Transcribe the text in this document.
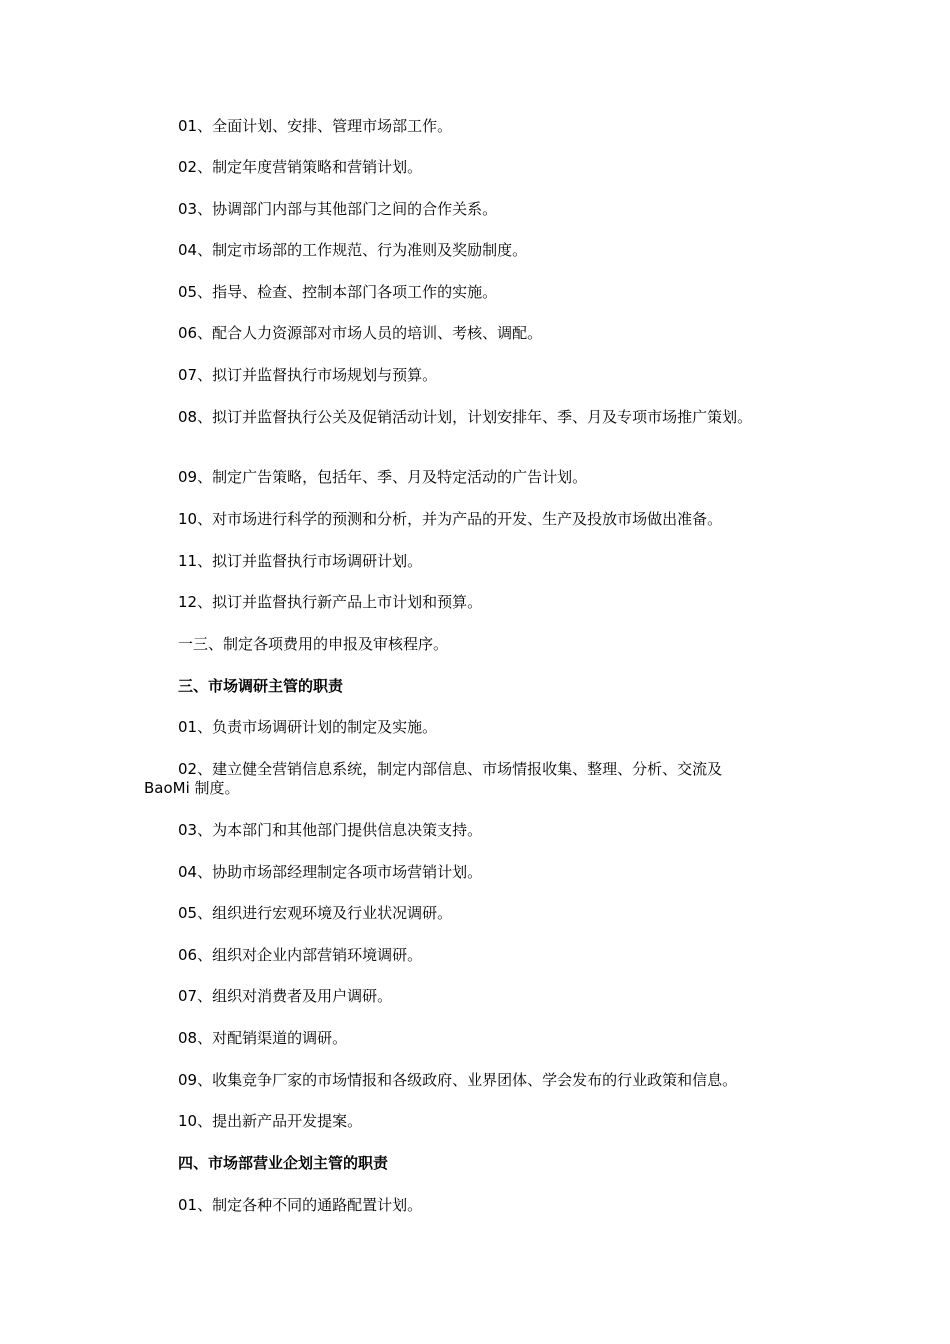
01、全面计划、安排、管理市场部工作。
02、制定年度营销策略和营销计划。
03、协调部门内部与其他部门之间的合作关系。
04、制定市场部的工作规范、行为准则及奖励制度。
05、指导、检查、控制本部门各项工作的实施。
06、配合人力资源部对市场人员的培训、考核、调配。
07、拟订并监督执行市场规划与预算。
08、拟订并监督执行公关及促销活动计划，计划安排年、季、月及专项市场推广策划。
09、制定广告策略，包括年、季、月及特定活动的广告计划。
10、对市场进行科学的预测和分析，并为产品的开发、生产及投放市场做出准备。
11、拟订并监督执行市场调研计划。
12、拟订并监督执行新产品上市计划和预算。
一三、制定各项费用的申报及审核程序。
三、市场调研主管的职责
01、负责市场调研计划的制定及实施。
02、建立健全营销信息系统，制定内部信息、市场情报收集、整理、分析、交流及
BaoMi 制度。
03、为本部门和其他部门提供信息决策支持。
04、协助市场部经理制定各项市场营销计划。
05、组织进行宏观环境及行业状况调研。
06、组织对企业内部营销环境调研。
07、组织对消费者及用户调研。
08、对配销渠道的调研。
09、收集竞争厂家的市场情报和各级政府、业界团体、学会发布的行业政策和信息。
10、提出新产品开发提案。
四、市场部营业企划主管的职责
01、制定各种不同的通路配置计划。
